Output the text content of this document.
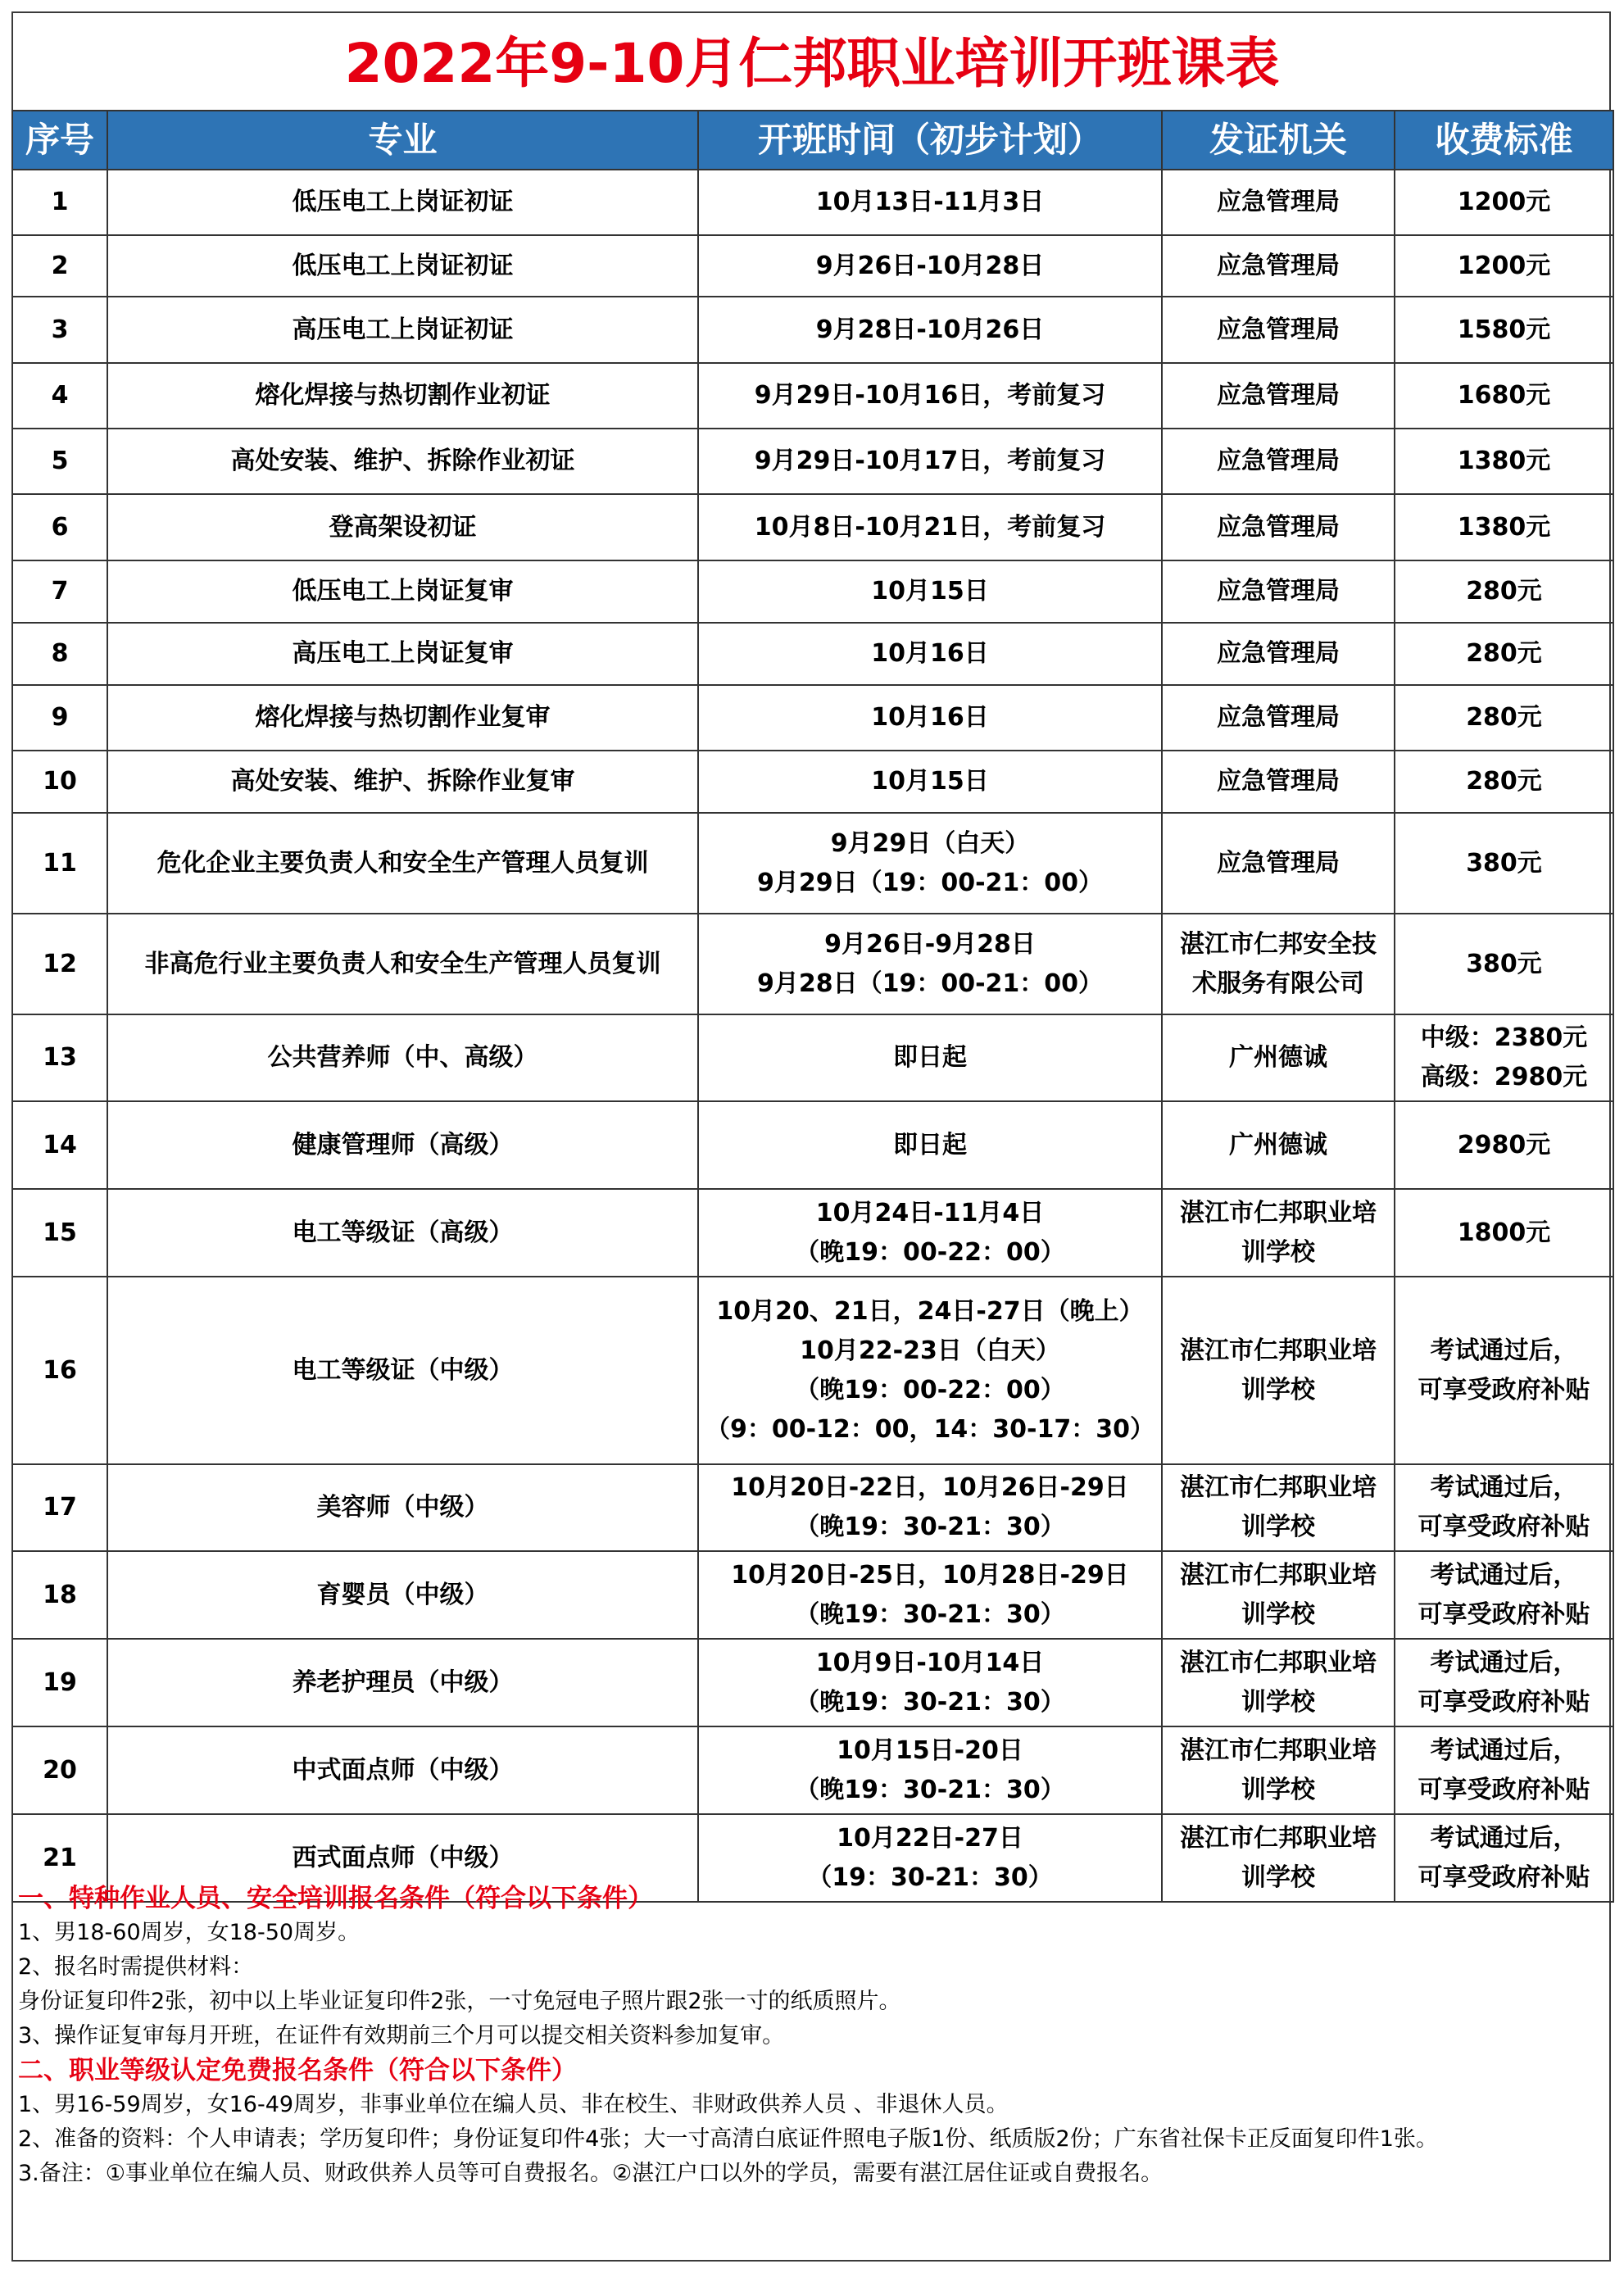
2022年9-10月仁邦职业培训开班课表
序号	专业	开班时间（初步计划）	发证机关	收费标准
1	低压电工上岗证初证	10月13日-11月3日	应急管理局	1200元

2	低压电工上岗证初证	9月26日-10月28日	应急管理局	1200元

3	高压电工上岗证初证	9月28日-10月26日	应急管理局	1580元

4	熔化焊接与热切割作业初证	9月29日-10月16日，考前复习	应急管理局	1680元

5	高处安装、维护、拆除作业初证	9月29日-10月17日，考前复习	应急管理局	1380元

6	登高架设初证	10月8日-10月21日，考前复习	应急管理局	1380元

7	低压电工上岗证复审	10月15日	应急管理局	280元

8	高压电工上岗证复审	10月16日	应急管理局	280元

9	熔化焊接与热切割作业复审	10月16日	应急管理局	280元

10	高处安装、维护、拆除作业复审	10月15日	应急管理局	280元

11	危化企业主要负责人和安全生产管理人员复训	9月29日（白天）
9月29日（19：00-21：00）	应急管理局	380元

12	非高危行业主要负责人和安全生产管理人员复训	9月26日-9月28日
9月28日（19：00-21：00）	湛江市仁邦安全技
术服务有限公司	380元

13	公共营养师（中、高级）	即日起	广州德诚	中级：2380元
高级：2980元

14	健康管理师（高级）	即日起	广州德诚	2980元

15	电工等级证（高级）	10月24日-11月4日
（晚19：00-22：00）	湛江市仁邦职业培
训学校	1800元

16	电工等级证（中级）	10月20、21日，24日-27日（晚上）
10月22-23日（白天）
（晚19：00-22：00）
（9：00-12：00，14：30-17：30）	湛江市仁邦职业培
训学校	考试通过后，
可享受政府补贴

17	美容师（中级）	10月20日-22日，10月26日-29日
（晚19：30-21：30）	湛江市仁邦职业培
训学校	考试通过后，
可享受政府补贴

18	育婴员（中级）	10月20日-25日，10月28日-29日
（晚19：30-21：30）	湛江市仁邦职业培
训学校	考试通过后，
可享受政府补贴

19	养老护理员（中级）	10月9日-10月14日
（晚19：30-21：30）	湛江市仁邦职业培
训学校	考试通过后，
可享受政府补贴

20	中式面点师（中级）	10月15日-20日
（晚19：30-21：30）	湛江市仁邦职业培
训学校	考试通过后，
可享受政府补贴

21	西式面点师（中级）	10月22日-27日
（19：30-21：30）	湛江市仁邦职业培
训学校	考试通过后，
可享受政府补贴
一、特种作业人员、安全培训报名条件（符合以下条件）
1、男18-60周岁，女18-50周岁。
2、报名时需提供材料：
身份证复印件2张，初中以上毕业证复印件2张，一寸免冠电子照片跟2张一寸的纸质照片。
3、操作证复审每月开班，在证件有效期前三个月可以提交相关资料参加复审。
二、职业等级认定免费报名条件（符合以下条件）
1、男16-59周岁，女16-49周岁，非事业单位在编人员、非在校生、非财政供养人员 、非退休人员。
2、准备的资料：个人申请表；学历复印件；身份证复印件4张；大一寸高清白底证件照电子版1份、纸质版2份；广东省社保卡正反面复印件1张。
3.备注：①事业单位在编人员、财政供养人员等可自费报名。②湛江户口以外的学员，需要有湛江居住证或自费报名。
